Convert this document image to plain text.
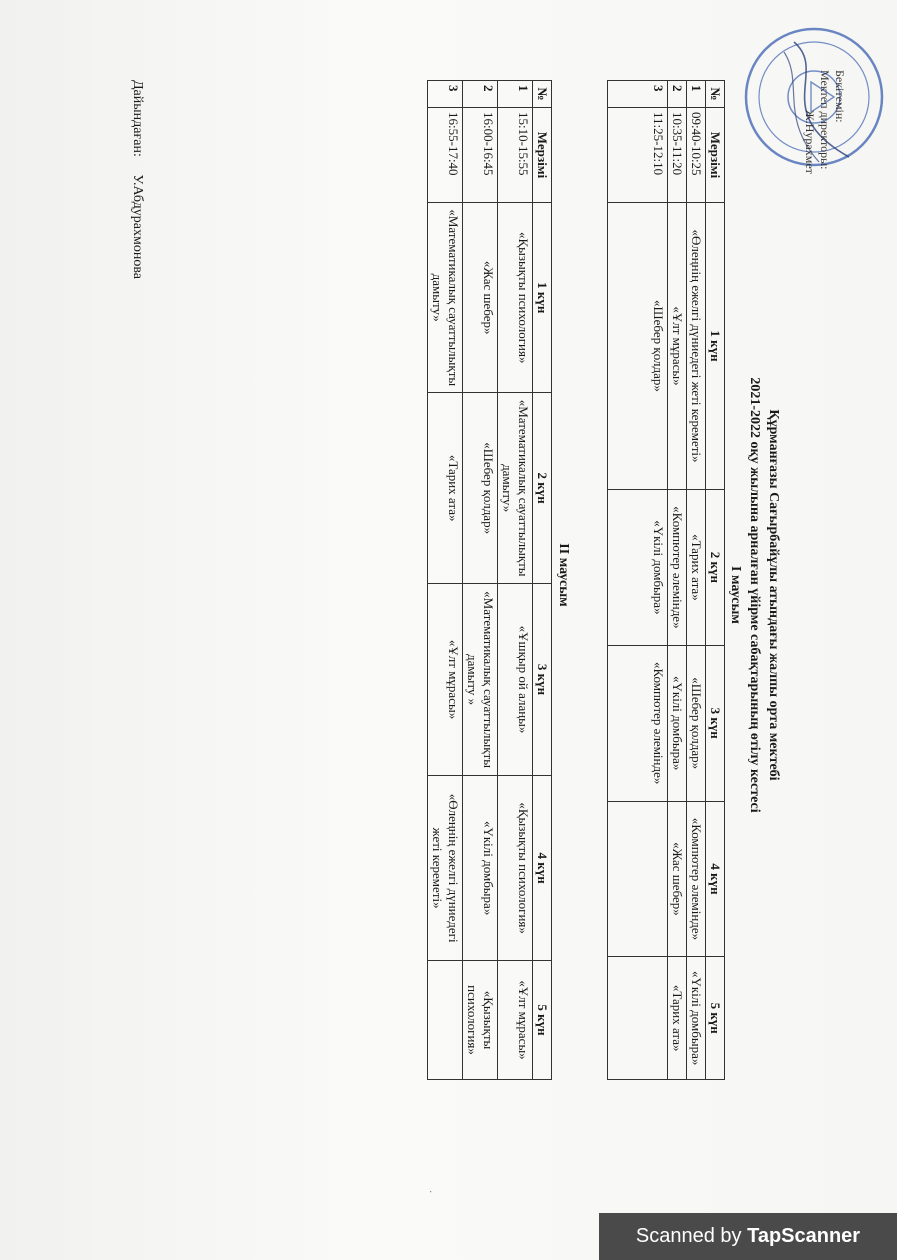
Бекітемін:
Мектеп директоры:
Ж.Нурахмет
Құрманғазы Сағырбайұлы атындағы жалпы орта мектебі
2021-2022 оқу жылына арналған үйірме сабақтарының өтілу кестесі
I маусым
№	Мерзімі	1 күн	2 күн	3 күн	4 күн	5 күн
1	09:40-10:25	«Өлеңнің ежелгі дүниедегі жеті кереметі»	«Тарих ата»	«Шебер қолдар»	«Компютер әлемінде»	«Үкілі домбыра»
2	10:35-11:20	«Ұлт мұрасы»	«Компютер әлемінде»	«Үкілі домбыра»	«Жас шебер»	«Тарих ата»
3	11:25-12:10	«Шебер қолдар»	«Үкілі домбыра»	«Компютер әлемінде»		
II маусым
№	Мерзімі	1 күн	2 күн	3 күн	4 күн	5 күн
1	15:10-15:55	«Қызықты психология»	«Математикалық сауаттылықты дамыту»	«Ұшқыр ой алаңы»	«Қызықты психология»	«Ұлт мұрасы»
2	16:00-16:45	«Жас шебер»	«Шебер қолдар»	«Математикалық сауаттылықты дамыту »	«Үкілі домбыра»	«Қызықты психология»
3	16:55-17:40	«Математикалық сауаттылықты дамыту»	«Тарих ата»	«Ұлт мұрасы»	«Өлеңнің ежелгі дүниедегі жеті кереметі»	
Дайындаған: У.Абдурахмонова
·
Scanned by TapScanner
